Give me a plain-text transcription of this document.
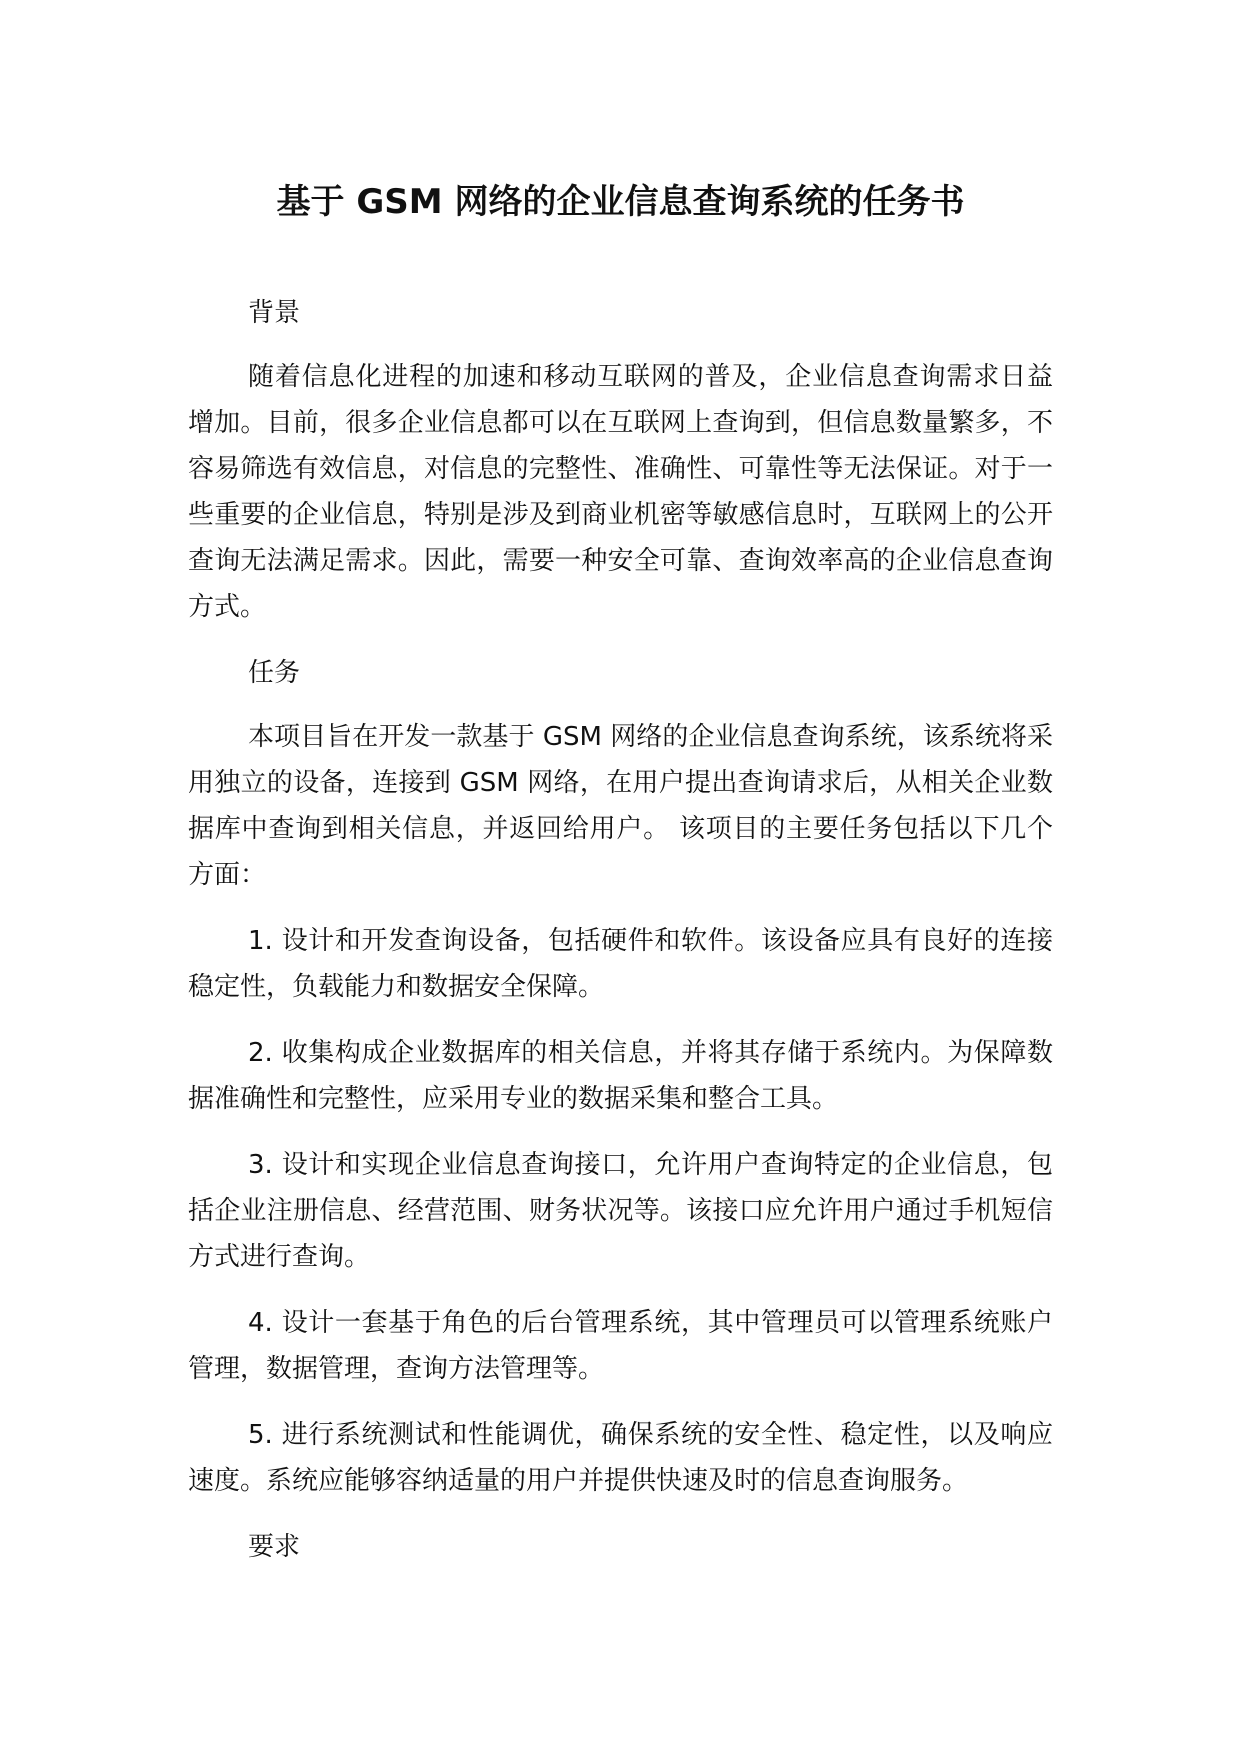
基于 GSM 网络的企业信息查询系统的任务书

背景

随着信息化进程的加速和移动互联网的普及，企业信息查询需求日益增加。目前，很多企业信息都可以在互联网上查询到，但信息数量繁多，不容易筛选有效信息，对信息的完整性、准确性、可靠性等无法保证。对于一些重要的企业信息，特别是涉及到商业机密等敏感信息时，互联网上的公开查询无法满足需求。因此，需要一种安全可靠、查询效率高的企业信息查询方式。

任务

本项目旨在开发一款基于 GSM 网络的企业信息查询系统，该系统将采用独立的设备，连接到 GSM 网络，在用户提出查询请求后，从相关企业数据库中查询到相关信息，并返回给用户。 该项目的主要任务包括以下几个方面：

1. 设计和开发查询设备，包括硬件和软件。该设备应具有良好的连接稳定性，负载能力和数据安全保障。

2. 收集构成企业数据库的相关信息，并将其存储于系统内。为保障数据准确性和完整性，应采用专业的数据采集和整合工具。

3. 设计和实现企业信息查询接口，允许用户查询特定的企业信息，包括企业注册信息、经营范围、财务状况等。该接口应允许用户通过手机短信方式进行查询。

4. 设计一套基于角色的后台管理系统，其中管理员可以管理系统账户管理，数据管理，查询方法管理等。

5. 进行系统测试和性能调优，确保系统的安全性、稳定性，以及响应速度。系统应能够容纳适量的用户并提供快速及时的信息查询服务。

要求
